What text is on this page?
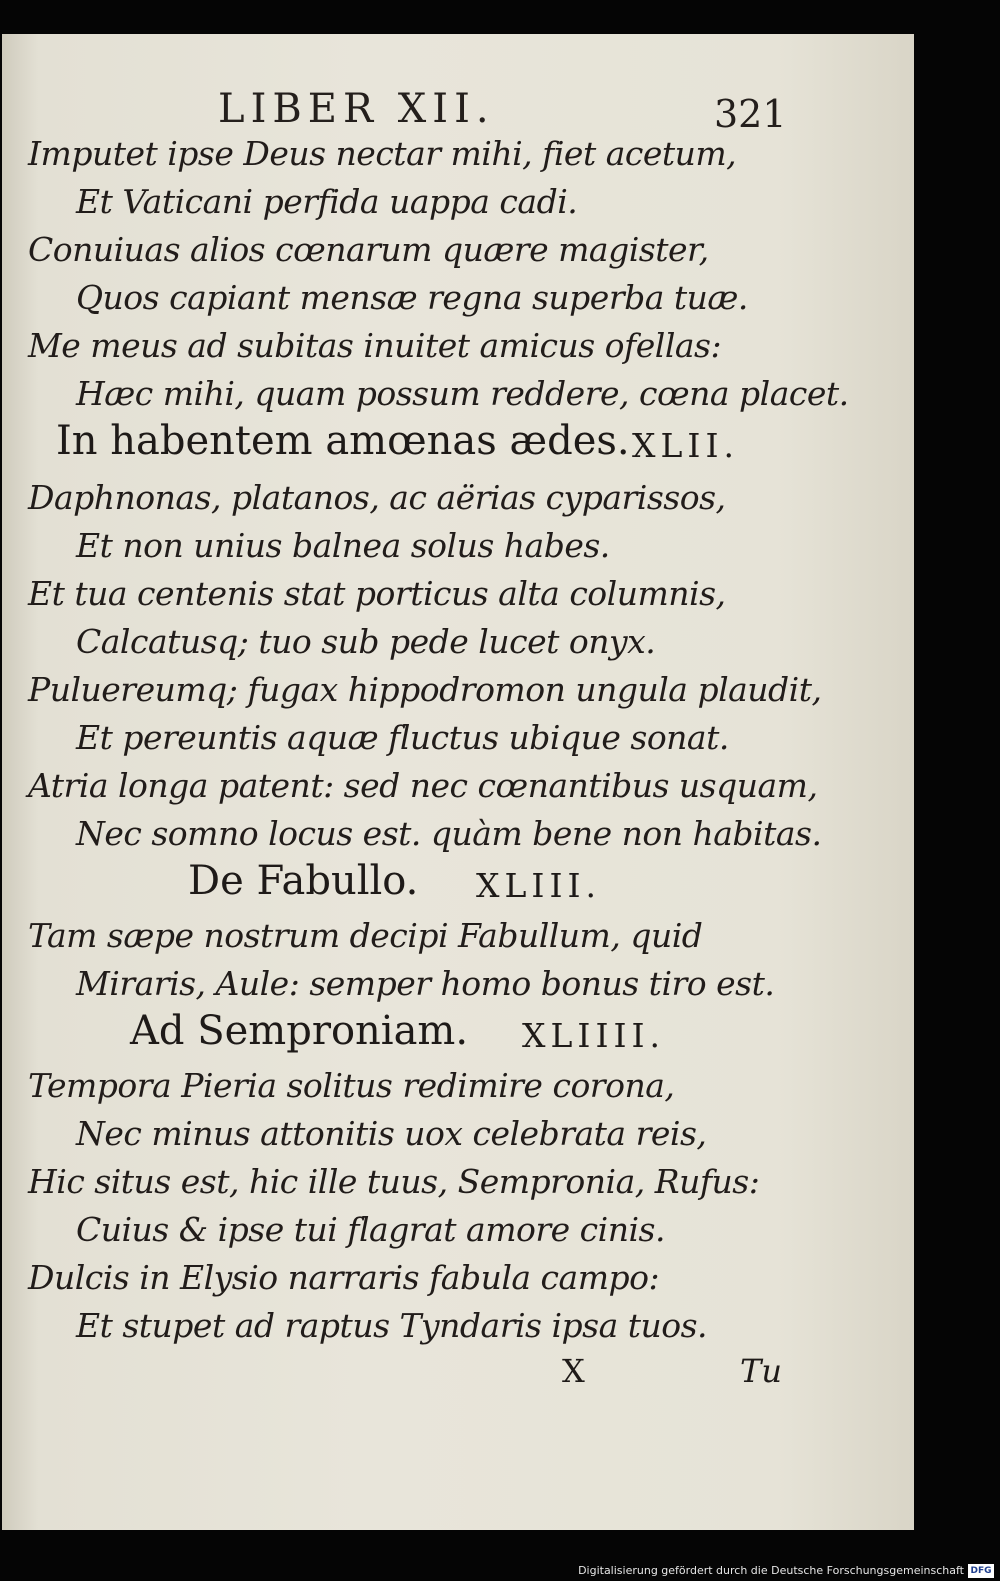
LIBER XII.	321
Imputet ipse Deus nectar mihi, fiet acetum,
Et Vaticani perfida uappa cadi.
Conuiuas alios cœnarum quære magister,
Quos capiant mensæ regna superba tuæ.
Me meus ad subitas inuitet amicus ofellas:
Hæc mihi, quam possum reddere, cœna placet.
In habentem amœnas ædes. XLII.
Daphnonas, platanos, ac aërias cyparissos,
Et non unius balnea solus habes.
Et tua centenis stat porticus alta columnis,
Calcatusq; tuo sub pede lucet onyx.
Puluereumq; fugax hippodromon ungula plaudit,
Et pereuntis aquæ fluctus ubique sonat.
Atria longa patent: sed nec cœnantibus usquam,
Nec somno locus est. quàm bene non habitas.
De Fabullo. XLIII.
Tam sæpe nostrum decipi Fabullum, quid
Miraris, Aule: semper homo bonus tiro est.
Ad Semproniam. XLIIII.
Tempora Pieria solitus redimire corona,
Nec minus attonitis uox celebrata reis,
Hic situs est, hic ille tuus, Sempronia, Rufus:
Cuius & ipse tui flagrat amore cinis.
Dulcis in Elysio narraris fabula campo:
Et stupet ad raptus Tyndaris ipsa tuos.
X	Tu
Digitalisierung gefördert durch die Deutsche Forschungsgemeinschaft DFG
